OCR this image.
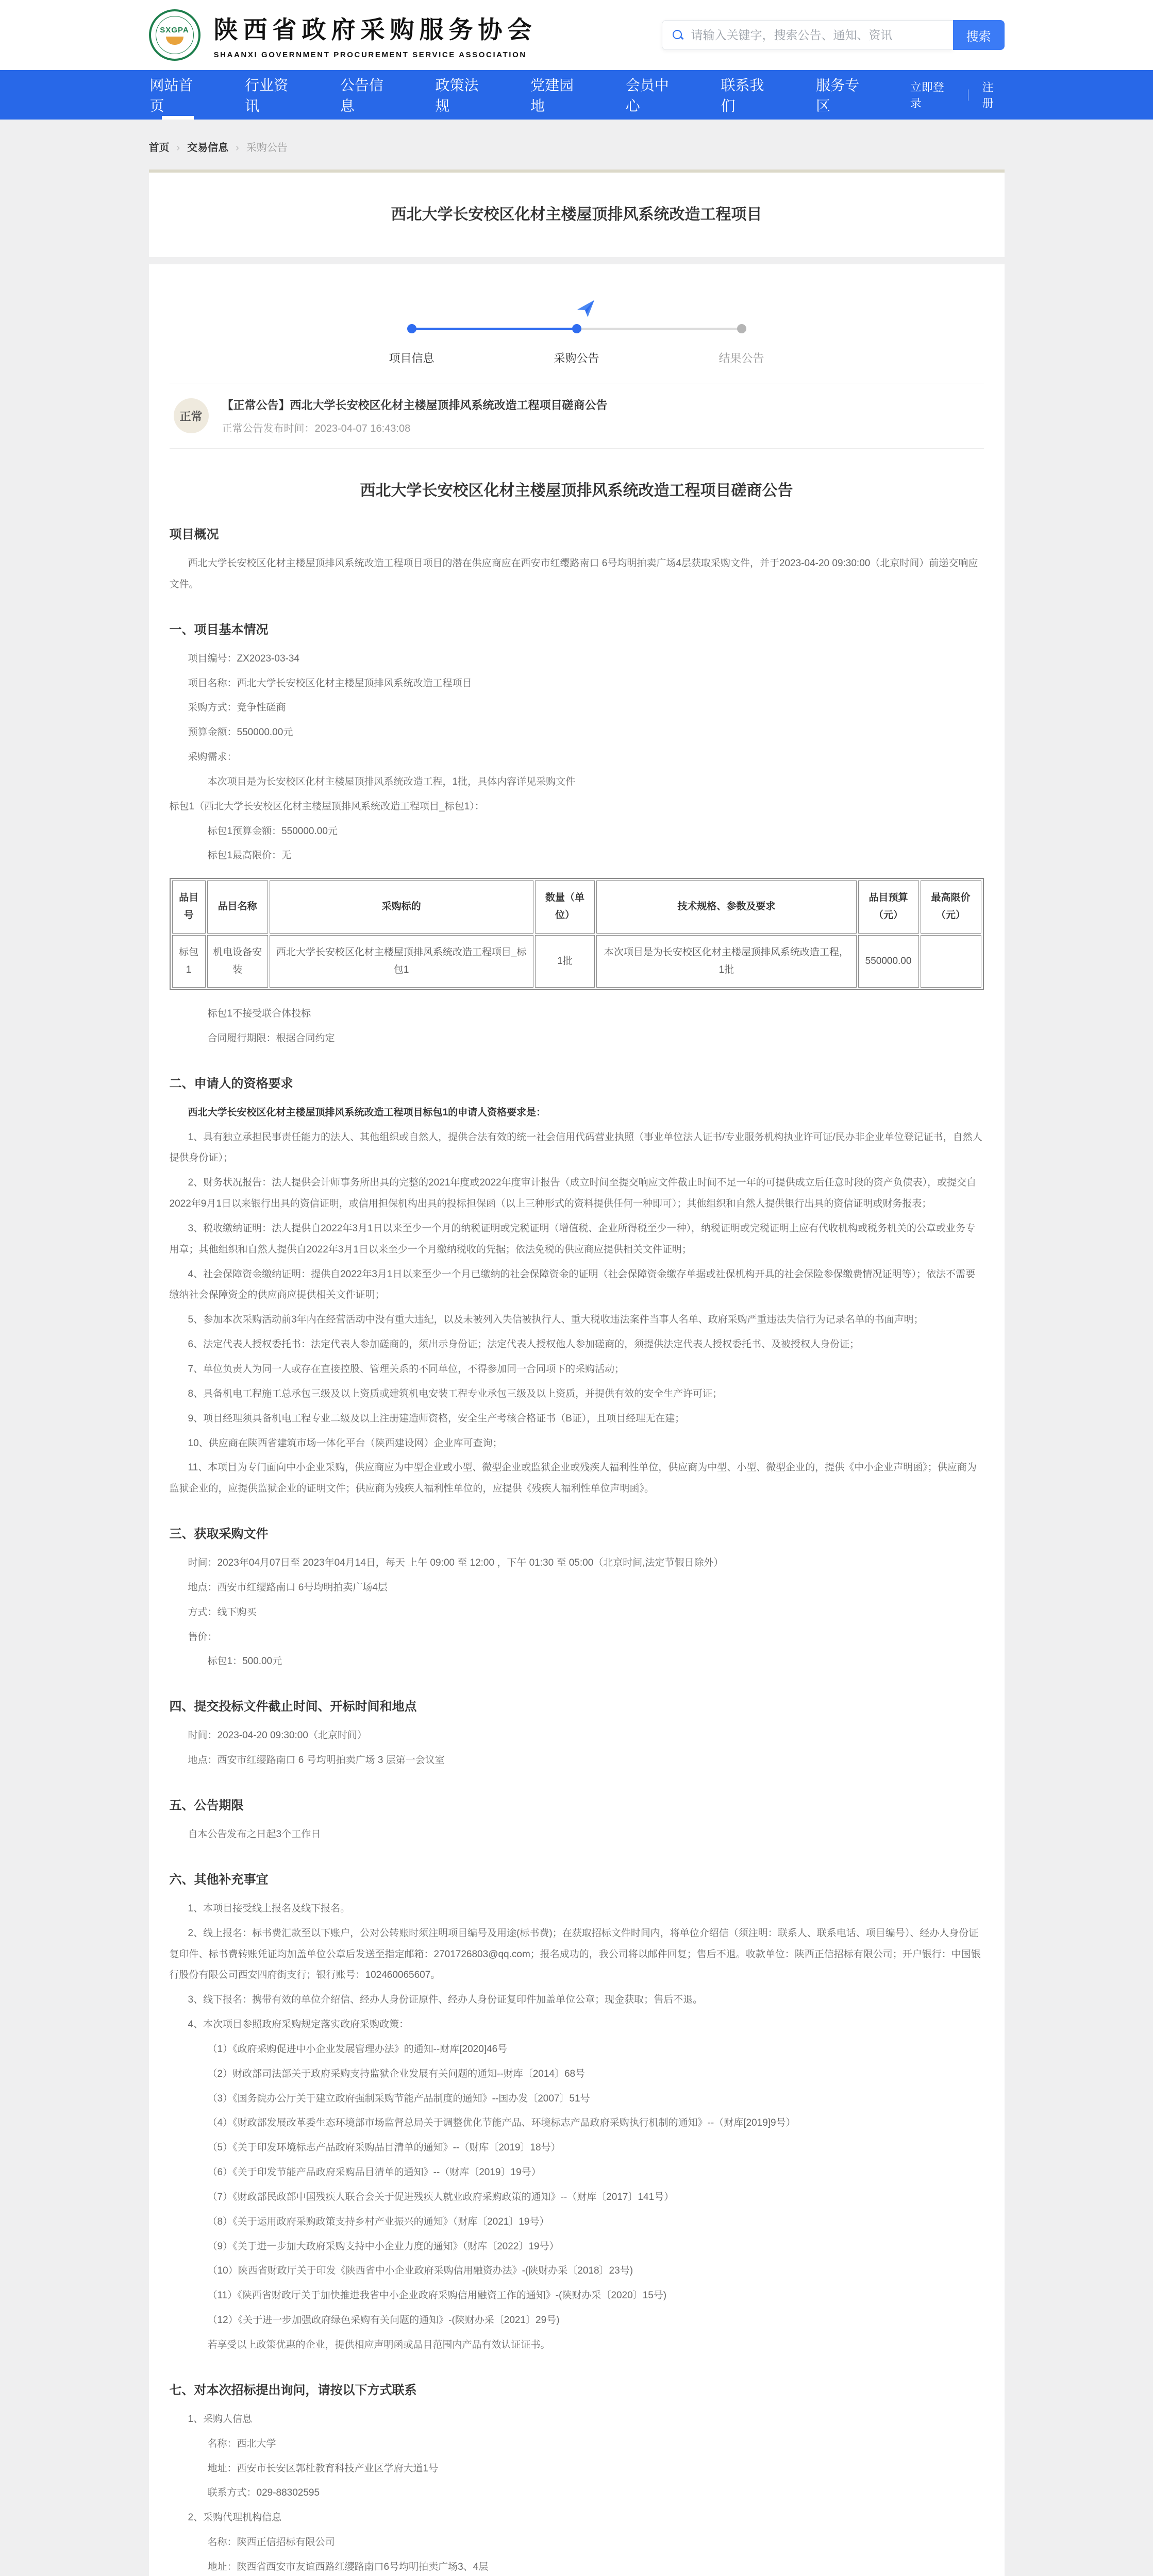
SXGPA 陕西省政府采购服务协会
SHAANXI GOVERNMENT PROCUREMENT SERVICE ASSOCIATION
请输入关键字，搜索公告、通知、资讯
搜索
网站首页
行业资讯
公告信息
政策法规
党建园地
会员中心
联系我们
服务专区
立即登录
｜
注册
首页 › 交易信息 › 采购公告
西北大学长安校区化材主楼屋顶排风系统改造工程项目
项目信息	采购公告	结果公告
正常
【正常公告】西北大学长安校区化材主楼屋顶排风系统改造工程项目磋商公告
正常公告发布时间：2023-04-07 16:43:08
西北大学长安校区化材主楼屋顶排风系统改造工程项目磋商公告
项目概况

西北大学长安校区化材主楼屋顶排风系统改造工程项目项目的潜在供应商应在西安市红缨路南口 6号均明拍卖广场4层获取采购文件，并于2023-04-20 09:30:00（北京时间）前递交响应文件。

一、项目基本情况

项目编号：ZX2023-03-34

项目名称：西北大学长安校区化材主楼屋顶排风系统改造工程项目

采购方式：竞争性磋商

预算金额：550000.00元

采购需求：

本次项目是为长安校区化材主楼屋顶排风系统改造工程，1批，具体内容详见采购文件

标包1（西北大学长安校区化材主楼屋顶排风系统改造工程项目_标包1）：

标包1预算金额：550000.00元

标包1最高限价：无

品目号	品目名称	采购标的	数量（单位）	技术规格、参数及要求	品目预算（元）	最高限价（元）
标包1	机电设备安装	西北大学长安校区化材主楼屋顶排风系统改造工程项目_标包1	1批	本次项目是为长安校区化材主楼屋顶排风系统改造工程，1批	550000.00	

标包1不接受联合体投标

合同履行期限：根据合同约定

二、申请人的资格要求

西北大学长安校区化材主楼屋顶排风系统改造工程项目标包1的申请人资格要求是：

1、具有独立承担民事责任能力的法人、其他组织或自然人，提供合法有效的统一社会信用代码营业执照（事业单位法人证书/专业服务机构执业许可证/民办非企业单位登记证书，自然人提供身份证）；

2、财务状况报告：法人提供会计师事务所出具的完整的2021年度或2022年度审计报告（成立时间至提交响应文件截止时间不足一年的可提供成立后任意时段的资产负债表），或提交自2022年9月1日以来银行出具的资信证明，或信用担保机构出具的投标担保函（以上三种形式的资料提供任何一种即可）；其他组织和自然人提供银行出具的资信证明或财务报表；

3、税收缴纳证明：法人提供自2022年3月1日以来至少一个月的纳税证明或完税证明（增值税、企业所得税至少一种），纳税证明或完税证明上应有代收机构或税务机关的公章或业务专用章；其他组织和自然人提供自2022年3月1日以来至少一个月缴纳税收的凭据；依法免税的供应商应提供相关文件证明；

4、社会保障资金缴纳证明：提供自2022年3月1日以来至少一个月已缴纳的社会保障资金的证明（社会保障资金缴存单据或社保机构开具的社会保险参保缴费情况证明等）；依法不需要缴纳社会保障资金的供应商应提供相关文件证明；

5、参加本次采购活动前3年内在经营活动中没有重大违纪，以及未被列入失信被执行人、重大税收违法案件当事人名单、政府采购严重违法失信行为记录名单的书面声明；

6、法定代表人授权委托书：法定代表人参加磋商的，须出示身份证；法定代表人授权他人参加磋商的，须提供法定代表人授权委托书、及被授权人身份证；

7、单位负责人为同一人或存在直接控股、管理关系的不同单位，不得参加同一合同项下的采购活动；

8、具备机电工程施工总承包三级及以上资质或建筑机电安装工程专业承包三级及以上资质，并提供有效的安全生产许可证；

9、项目经理须具备机电工程专业二级及以上注册建造师资格，安全生产考核合格证书（B证），且项目经理无在建；

10、供应商在陕西省建筑市场一体化平台（陕西建设网）企业库可查询；

11、本项目为专门面向中小企业采购，供应商应为中型企业或小型、微型企业或监狱企业或残疾人福利性单位，供应商为中型、小型、微型企业的，提供《中小企业声明函》；供应商为监狱企业的，应提供监狱企业的证明文件；供应商为残疾人福利性单位的，应提供《残疾人福利性单位声明函》。

三、获取采购文件

时间：2023年04月07日至 2023年04月14日，每天 上午 09:00 至 12:00 ，下午 01:30 至 05:00（北京时间,法定节假日除外）

地点：西安市红缨路南口 6号均明拍卖广场4层

方式：线下购买

售价：

标包1：500.00元

四、提交投标文件截止时间、开标时间和地点

时间：2023-04-20 09:30:00（北京时间）

地点：西安市红缨路南口 6 号均明拍卖广场 3 层第一会议室

五、公告期限

自本公告发布之日起3个工作日

六、其他补充事宜

1、本项目接受线上报名及线下报名。

2、线上报名：标书费汇款至以下账户，公对公转账时须注明项目编号及用途(标书费)；在获取招标文件时间内，将单位介绍信（须注明：联系人、联系电话、项目编号）、经办人身份证复印件、标书费转账凭证均加盖单位公章后发送至指定邮箱：2701726803@qq.com；报名成功的，我公司将以邮件回复；售后不退。收款单位：陕西正信招标有限公司；开户银行：中国银行股份有限公司西安四府街支行；银行账号：102460065607。

3、线下报名：携带有效的单位介绍信、经办人身份证原件、经办人身份证复印件加盖单位公章；现金获取；售后不退。

4、本次项目参照政府采购规定落实政府采购政策：

（1）《政府采购促进中小企业发展管理办法》的通知--财库[2020]46号

（2）财政部司法部关于政府采购支持监狱企业发展有关问题的通知--财库〔2014〕68号

（3）《国务院办公厅关于建立政府强制采购节能产品制度的通知》--国办发〔2007〕51号

（4）《财政部发展改革委生态环境部市场监督总局关于调整优化节能产品、环境标志产品政府采购执行机制的通知》--（财库[2019]9号）

（5）《关于印发环境标志产品政府采购品目清单的通知》--（财库〔2019〕18号）

（6）《关于印发节能产品政府采购品目清单的通知》--（财库〔2019〕19号）

（7）《财政部民政部中国残疾人联合会关于促进残疾人就业政府采购政策的通知》--（财库〔2017〕141号）

（8）《关于运用政府采购政策支持乡村产业振兴的通知》（财库〔2021〕19号）

（9）《关于进一步加大政府采购支持中小企业力度的通知》（财库〔2022〕19号）

（10）陕西省财政厅关于印发《陕西省中小企业政府采购信用融资办法》-(陕财办采〔2018〕23号)

（11）《陕西省财政厅关于加快推进我省中小企业政府采购信用融资工作的通知》-(陕财办采〔2020〕15号)

（12）《关于进一步加强政府绿色采购有关问题的通知》-(陕财办采〔2021〕29号)

若享受以上政策优惠的企业，提供相应声明函或品目范围内产品有效认证证书。

七、对本次招标提出询问，请按以下方式联系

1、采购人信息

名称：西北大学

地址：西安市长安区郭杜教育科技产业区学府大道1号

联系方式：029-88302595

2、采购代理机构信息

名称：陕西正信招标有限公司

地址：陕西省西安市友谊西路红缨路南口6号均明拍卖广场3、4层
